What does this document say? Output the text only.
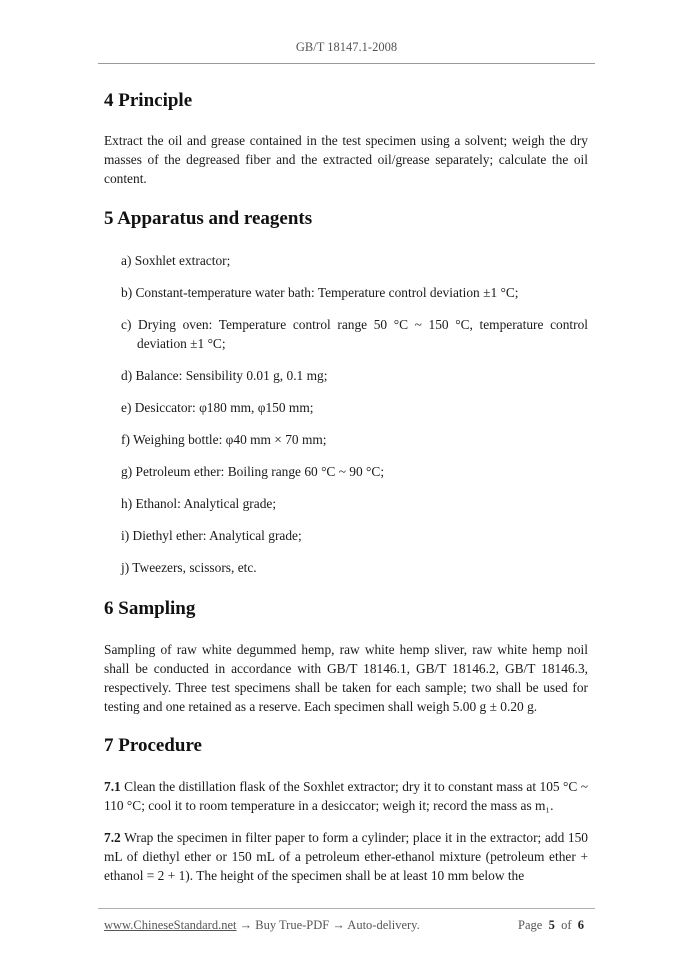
GB/T 18147.1-2008
4 Principle

Extract the oil and grease contained in the test specimen using a solvent; weigh the dry masses of the degreased fiber and the extracted oil/grease separately; calculate the oil content.

5 Apparatus and reagents

a) Soxhlet extractor;

b) Constant-temperature water bath: Temperature control deviation ±1 °C;

c) Drying oven: Temperature control range 50 °C ~ 150 °C, temperature control deviation ±1 °C;

d) Balance: Sensibility 0.01 g, 0.1 mg;

e) Desiccator: φ180 mm, φ150 mm;

f) Weighing bottle: φ40 mm × 70 mm;

g) Petroleum ether: Boiling range 60 °C ~ 90 °C;

h) Ethanol: Analytical grade;

i) Diethyl ether: Analytical grade;

j) Tweezers, scissors, etc.

6 Sampling

Sampling of raw white degummed hemp, raw white hemp sliver, raw white hemp noil shall be conducted in accordance with GB/T 18146.1, GB/T 18146.2, GB/T 18146.3, respectively. Three test specimens shall be taken for each sample; two shall be used for testing and one retained as a reserve. Each specimen shall weigh 5.00 g ± 0.20 g.

7 Procedure

7.1 Clean the distillation flask of the Soxhlet extractor; dry it to constant mass at 105 °C ~ 110 °C; cool it to room temperature in a desiccator; weigh it; record the mass as m₁.

7.2 Wrap the specimen in filter paper to form a cylinder; place it in the extractor; add 150 mL of diethyl ether or 150 mL of a petroleum ether-ethanol mixture (petroleum ether + ethanol = 2 + 1). The height of the specimen shall be at least 10 mm below the

www.ChineseStandard.net → Buy True-PDF → Auto-delivery.	Page 5 of 6
